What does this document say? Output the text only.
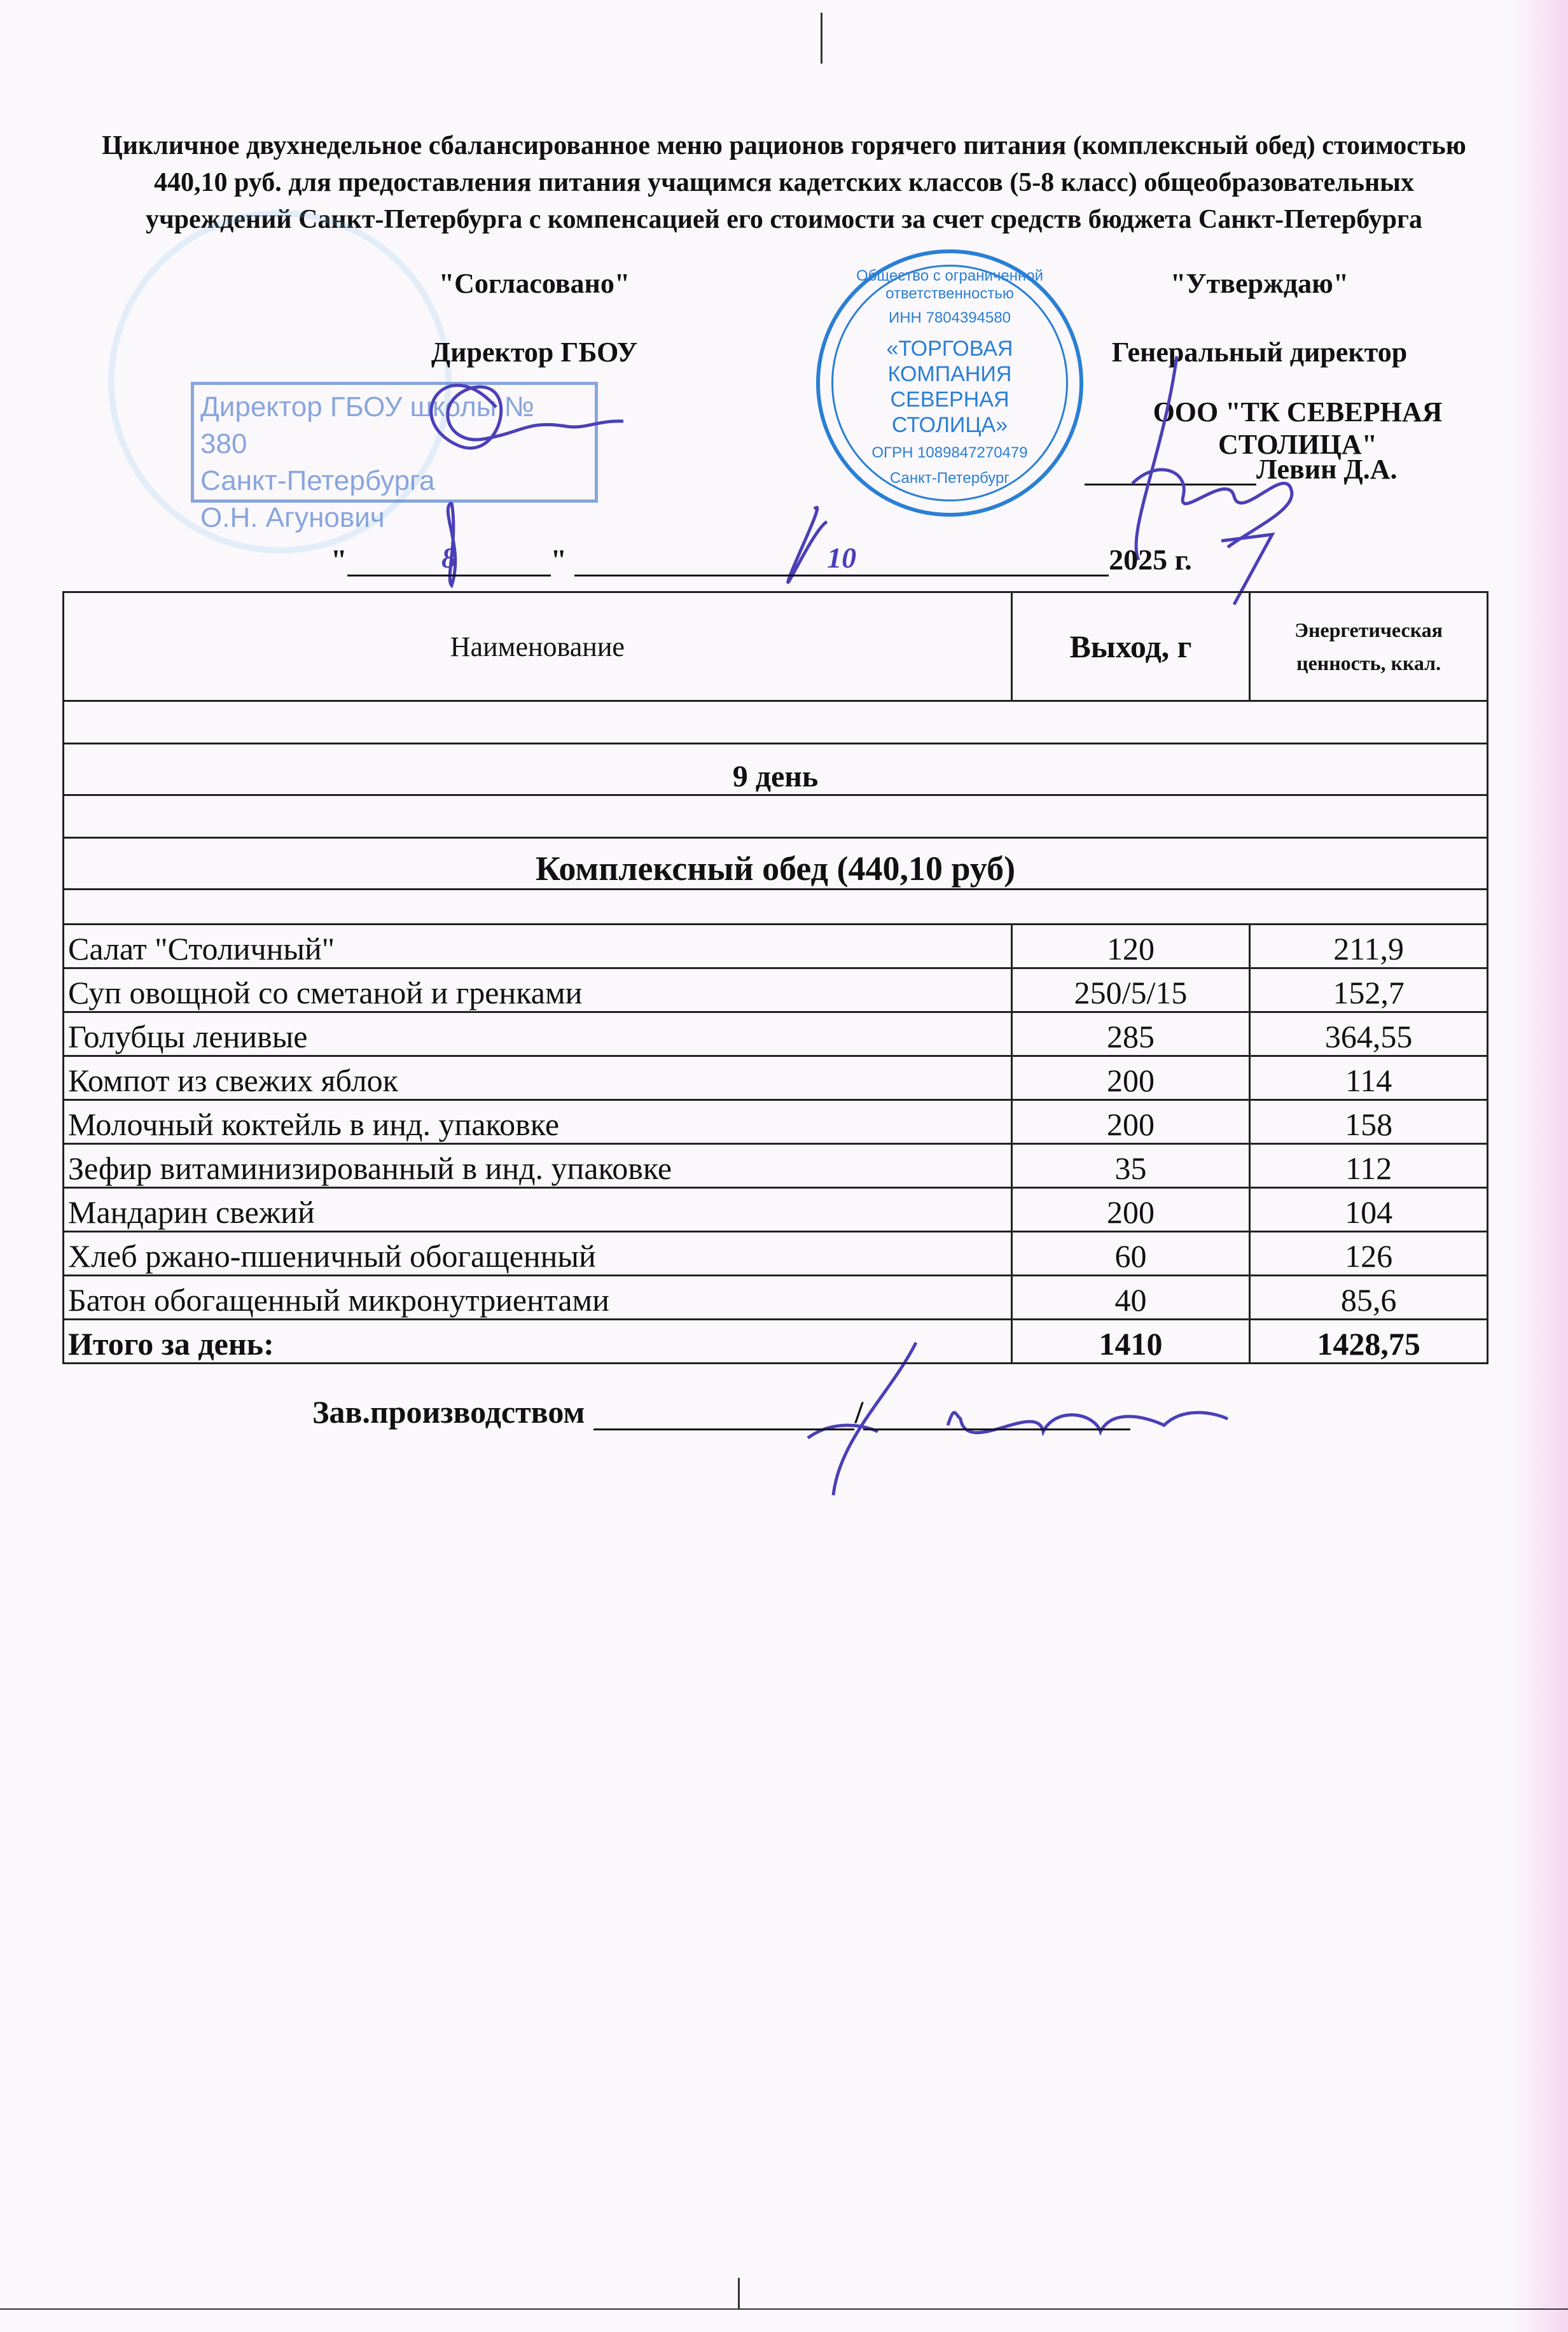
Цикличное двухнедельное сбалансированное меню рационов горячего питания (комплексный обед) стоимостью
440,10 руб. для предоставления питания учащимся кадетских классов (5-8 класс) общеобразовательных
учреждений Санкт-Петербурга с компенсацией его стоимости за счет средств бюджета Санкт-Петербурга
Директор ГБОУ школы № 380
Санкт-Петербурга
О.Н. Агунович
"Согласовано"
Директор ГБОУ
"Утверждаю"
Генеральный директор
ООО "ТК СЕВЕРНАЯ СТОЛИЦА"
Левин Д.А.
Общество с ограниченной ответственностью
ИНН 7804394580
«ТОРГОВАЯ
КОМПАНИЯ
СЕВЕРНАЯ
СТОЛИЦА»
ОГРН 1089847270479
Санкт-Петербург
"	8	"	10	2025 г.
Наименование	Выход, г	Энергетическая ценность, ккал.

9 день		

Комплексный обед (440,10 руб)		

Салат "Столичный"	120	211,9
Суп овощной со сметаной и гренками	250/5/15	152,7
Голубцы ленивые	285	364,55
Компот из свежих яблок	200	114
Молочный коктейль в инд. упаковке	200	158
Зефир витаминизированный в инд. упаковке	35	112
Мандарин свежий	200	104
Хлеб ржано-пшеничный обогащенный	60	126
Батон обогащенный микронутриентами	40	85,6
Итого за день:	1410	1428,75
Зав.производством	/
